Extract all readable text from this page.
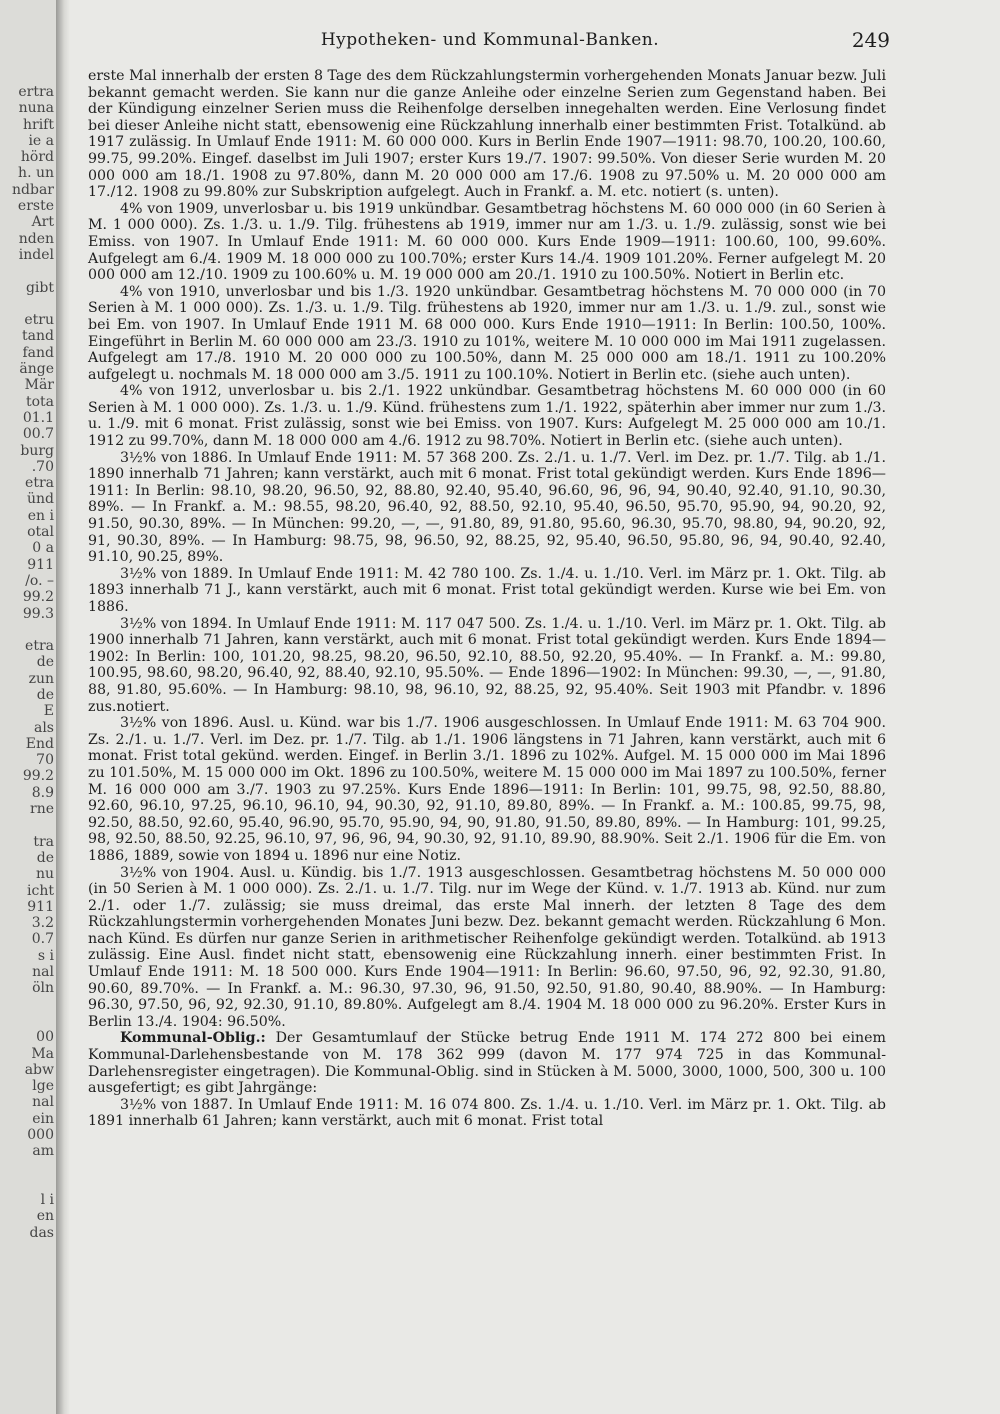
ertra
nuna
hrift
ie a
hörd
h. un
ndbar
erste
Art
nden
indel

gibt

etru
tand
fand
änge
Mär
tota
01.1
00.7
burg
.70
etra
ünd
en i
otal
0 a
911
/o. –
99.2
99.3

etra
de
zun
de
E
als
End
70
99.2
8.9
rne

tra
de
nu
icht
911
3.2
0.7
s i
nal
öln

00
Ma
abw
lge
nal
ein
000
am

l i
en
das
Hypotheken- und Kommunal-Banken.	249

erste Mal innerhalb der ersten 8 Tage des dem Rückzahlungstermin vorhergehenden Monats Januar bezw. Juli bekannt gemacht werden. Sie kann nur die ganze Anleihe oder einzelne Serien zum Gegenstand haben. Bei der Kündigung einzelner Serien muss die Reihenfolge derselben innegehalten werden. Eine Verlosung findet bei dieser Anleihe nicht statt, ebensowenig eine Rückzahlung innerhalb einer bestimmten Frist. Totalkünd. ab 1917 zulässig. In Umlauf Ende 1911: M. 60 000 000. Kurs in Berlin Ende 1907—1911: 98.70, 100.20, 100.60, 99.75, 99.20%. Eingef. daselbst im Juli 1907; erster Kurs 19./7. 1907: 99.50%. Von dieser Serie wurden M. 20 000 000 am 18./1. 1908 zu 97.80%, dann M. 20 000 000 am 17./6. 1908 zu 97.50% u. M. 20 000 000 am 17./12. 1908 zu 99.80% zur Subskription aufgelegt. Auch in Frankf. a. M. etc. notiert (s. unten).

4% von 1909, unverlosbar u. bis 1919 unkündbar. Gesamtbetrag höchstens M. 60 000 000 (in 60 Serien à M. 1 000 000). Zs. 1./3. u. 1./9. Tilg. frühestens ab 1919, immer nur am 1./3. u. 1./9. zulässig, sonst wie bei Emiss. von 1907. In Umlauf Ende 1911: M. 60 000 000. Kurs Ende 1909—1911: 100.60, 100, 99.60%. Aufgelegt am 6./4. 1909 M. 18 000 000 zu 100.70%; erster Kurs 14./4. 1909 101.20%. Ferner aufgelegt M. 20 000 000 am 12./10. 1909 zu 100.60% u. M. 19 000 000 am 20./1. 1910 zu 100.50%. Notiert in Berlin etc.

4% von 1910, unverlosbar und bis 1./3. 1920 unkündbar. Gesamtbetrag höchstens M. 70 000 000 (in 70 Serien à M. 1 000 000). Zs. 1./3. u. 1./9. Tilg. frühestens ab 1920, immer nur am 1./3. u. 1./9. zul., sonst wie bei Em. von 1907. In Umlauf Ende 1911 M. 68 000 000. Kurs Ende 1910—1911: In Berlin: 100.50, 100%. Eingeführt in Berlin M. 60 000 000 am 23./3. 1910 zu 101%, weitere M. 10 000 000 im Mai 1911 zugelassen. Aufgelegt am 17./8. 1910 M. 20 000 000 zu 100.50%, dann M. 25 000 000 am 18./1. 1911 zu 100.20% aufgelegt u. nochmals M. 18 000 000 am 3./5. 1911 zu 100.10%. Notiert in Berlin etc. (siehe auch unten).

4% von 1912, unverlosbar u. bis 2./1. 1922 unkündbar. Gesamtbetrag höchstens M. 60 000 000 (in 60 Serien à M. 1 000 000). Zs. 1./3. u. 1./9. Künd. frühestens zum 1./1. 1922, späterhin aber immer nur zum 1./3. u. 1./9. mit 6 monat. Frist zulässig, sonst wie bei Emiss. von 1907. Kurs: Aufgelegt M. 25 000 000 am 10./1. 1912 zu 99.70%, dann M. 18 000 000 am 4./6. 1912 zu 98.70%. Notiert in Berlin etc. (siehe auch unten).

3½% von 1886. In Umlauf Ende 1911: M. 57 368 200. Zs. 2./1. u. 1./7. Verl. im Dez. pr. 1./7. Tilg. ab 1./1. 1890 innerhalb 71 Jahren; kann verstärkt, auch mit 6 monat. Frist total gekündigt werden. Kurs Ende 1896—1911: In Berlin: 98.10, 98.20, 96.50, 92, 88.80, 92.40, 95.40, 96.60, 96, 96, 94, 90.40, 92.40, 91.10, 90.30, 89%. — In Frankf. a. M.: 98.55, 98.20, 96.40, 92, 88.50, 92.10, 95.40, 96.50, 95.70, 95.90, 94, 90.20, 92, 91.50, 90.30, 89%. — In München: 99.20, —, —, 91.80, 89, 91.80, 95.60, 96.30, 95.70, 98.80, 94, 90.20, 92, 91, 90.30, 89%. — In Hamburg: 98.75, 98, 96.50, 92, 88.25, 92, 95.40, 96.50, 95.80, 96, 94, 90.40, 92.40, 91.10, 90.25, 89%.

3½% von 1889. In Umlauf Ende 1911: M. 42 780 100. Zs. 1./4. u. 1./10. Verl. im März pr. 1. Okt. Tilg. ab 1893 innerhalb 71 J., kann verstärkt, auch mit 6 monat. Frist total gekündigt werden. Kurse wie bei Em. von 1886.

3½% von 1894. In Umlauf Ende 1911: M. 117 047 500. Zs. 1./4. u. 1./10. Verl. im März pr. 1. Okt. Tilg. ab 1900 innerhalb 71 Jahren, kann verstärkt, auch mit 6 monat. Frist total gekündigt werden. Kurs Ende 1894—1902: In Berlin: 100, 101.20, 98.25, 98.20, 96.50, 92.10, 88.50, 92.20, 95.40%. — In Frankf. a. M.: 99.80, 100.95, 98.60, 98.20, 96.40, 92, 88.40, 92.10, 95.50%. — Ende 1896—1902: In München: 99.30, —, —, 91.80, 88, 91.80, 95.60%. — In Hamburg: 98.10, 98, 96.10, 92, 88.25, 92, 95.40%. Seit 1903 mit Pfandbr. v. 1896 zus.notiert.

3½% von 1896. Ausl. u. Künd. war bis 1./7. 1906 ausgeschlossen. In Umlauf Ende 1911: M. 63 704 900. Zs. 2./1. u. 1./7. Verl. im Dez. pr. 1./7. Tilg. ab 1./1. 1906 längstens in 71 Jahren, kann verstärkt, auch mit 6 monat. Frist total gekünd. werden. Eingef. in Berlin 3./1. 1896 zu 102%. Aufgel. M. 15 000 000 im Mai 1896 zu 101.50%, M. 15 000 000 im Okt. 1896 zu 100.50%, weitere M. 15 000 000 im Mai 1897 zu 100.50%, ferner M. 16 000 000 am 3./7. 1903 zu 97.25%. Kurs Ende 1896—1911: In Berlin: 101, 99.75, 98, 92.50, 88.80, 92.60, 96.10, 97.25, 96.10, 96.10, 94, 90.30, 92, 91.10, 89.80, 89%. — In Frankf. a. M.: 100.85, 99.75, 98, 92.50, 88.50, 92.60, 95.40, 96.90, 95.70, 95.90, 94, 90, 91.80, 91.50, 89.80, 89%. — In Hamburg: 101, 99.25, 98, 92.50, 88.50, 92.25, 96.10, 97, 96, 96, 94, 90.30, 92, 91.10, 89.90, 88.90%. Seit 2./1. 1906 für die Em. von 1886, 1889, sowie von 1894 u. 1896 nur eine Notiz.

3½% von 1904. Ausl. u. Kündig. bis 1./7. 1913 ausgeschlossen. Gesamtbetrag höchstens M. 50 000 000 (in 50 Serien à M. 1 000 000). Zs. 2./1. u. 1./7. Tilg. nur im Wege der Künd. v. 1./7. 1913 ab. Künd. nur zum 2./1. oder 1./7. zulässig; sie muss dreimal, das erste Mal innerh. der letzten 8 Tage des dem Rückzahlungstermin vorhergehenden Monates Juni bezw. Dez. bekannt gemacht werden. Rückzahlung 6 Mon. nach Künd. Es dürfen nur ganze Serien in arithmetischer Reihenfolge gekündigt werden. Totalkünd. ab 1913 zulässig. Eine Ausl. findet nicht statt, ebensowenig eine Rückzahlung innerh. einer bestimmten Frist. In Umlauf Ende 1911: M. 18 500 000. Kurs Ende 1904—1911: In Berlin: 96.60, 97.50, 96, 92, 92.30, 91.80, 90.60, 89.70%. — In Frankf. a. M.: 96.30, 97.30, 96, 91.50, 92.50, 91.80, 90.40, 88.90%. — In Hamburg: 96.30, 97.50, 96, 92, 92.30, 91.10, 89.80%. Aufgelegt am 8./4. 1904 M. 18 000 000 zu 96.20%. Erster Kurs in Berlin 13./4. 1904: 96.50%.

Kommunal-Oblig.: Der Gesamtumlauf der Stücke betrug Ende 1911 M. 174 272 800 bei einem Kommunal-Darlehensbestande von M. 178 362 999 (davon M. 177 974 725 in das Kommunal-Darlehensregister eingetragen). Die Kommunal-Oblig. sind in Stücken à M. 5000, 3000, 1000, 500, 300 u. 100 ausgefertigt; es gibt Jahrgänge:

3½% von 1887. In Umlauf Ende 1911: M. 16 074 800. Zs. 1./4. u. 1./10. Verl. im März pr. 1. Okt. Tilg. ab 1891 innerhalb 61 Jahren; kann verstärkt, auch mit 6 monat. Frist total
